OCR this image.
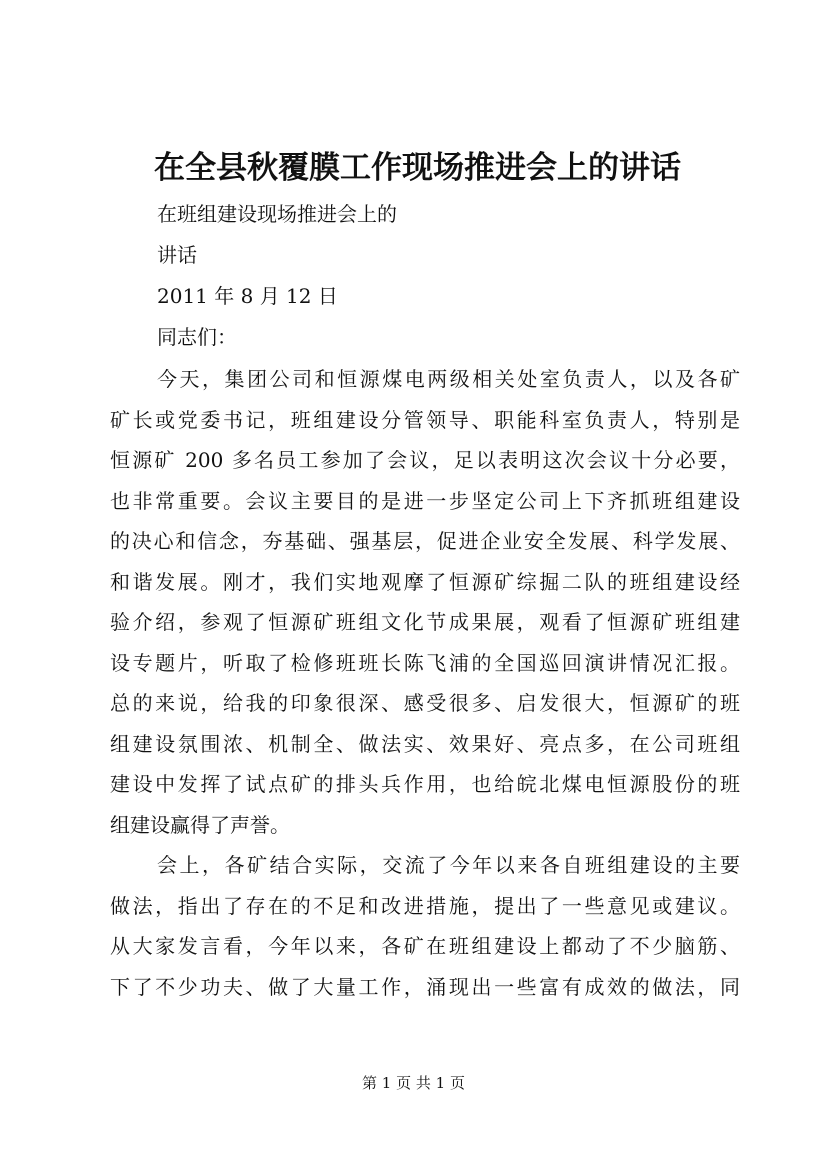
在全县秋覆膜工作现场推进会上的讲话
在班组建设现场推进会上的
讲话
2011 年 8 月 12 日
同志们：
今天，集团公司和恒源煤电两级相关处室负责人，以及各矿
矿长或党委书记，班组建设分管领导、职能科室负责人，特别是
恒源矿 200 多名员工参加了会议，足以表明这次会议十分必要，
也非常重要。会议主要目的是进一步坚定公司上下齐抓班组建设
的决心和信念，夯基础、强基层，促进企业安全发展、科学发展、
和谐发展。刚才，我们实地观摩了恒源矿综掘二队的班组建设经
验介绍，参观了恒源矿班组文化节成果展，观看了恒源矿班组建
设专题片，听取了检修班班长陈飞浦的全国巡回演讲情况汇报。
总的来说，给我的印象很深、感受很多、启发很大，恒源矿的班
组建设氛围浓、机制全、做法实、效果好、亮点多，在公司班组
建设中发挥了试点矿的排头兵作用，也给皖北煤电恒源股份的班
组建设赢得了声誉。
会上，各矿结合实际，交流了今年以来各自班组建设的主要
做法，指出了存在的不足和改进措施，提出了一些意见或建议。
从大家发言看，今年以来，各矿在班组建设上都动了不少脑筋、
下了不少功夫、做了大量工作，涌现出一些富有成效的做法，同
第 1 页 共 1 页
